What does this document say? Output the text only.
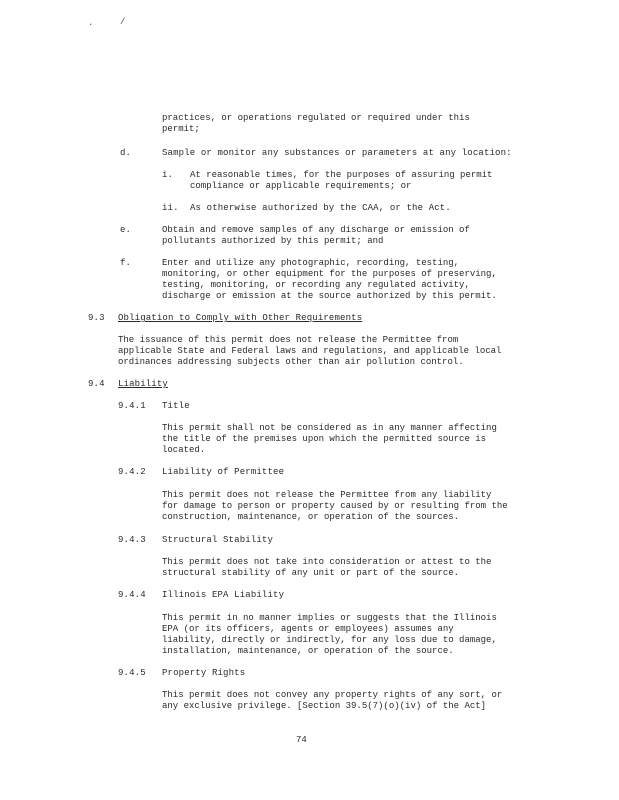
.	/
practices, or operations regulated or required under this
permit;
d.	Sample or monitor any substances or parameters at any location:
i. At reasonable times, for the purposes of assuring permit
compliance or applicable requirements; or
ii. As otherwise authorized by the CAA, or the Act.
e.	Obtain and remove samples of any discharge or emission of
pollutants authorized by this permit; and
f.	Enter and utilize any photographic, recording, testing,
monitoring, or other equipment for the purposes of preserving,
testing, monitoring, or recording any regulated activity,
discharge or emission at the source authorized by this permit.
9.3 Obligation to Comply with Other Requirements
The issuance of this permit does not release the Permittee from
applicable State and Federal laws and regulations, and applicable local
ordinances addressing subjects other than air pollution control.
9.4 Liability
9.4.1 Title
This permit shall not be considered as in any manner affecting
the title of the premises upon which the permitted source is
located.
9.4.2 Liability of Permittee
This permit does not release the Permittee from any liability
for damage to person or property caused by or resulting from the
construction, maintenance, or operation of the sources.
9.4.3 Structural Stability
This permit does not take into consideration or attest to the
structural stability of any unit or part of the source.
9.4.4 Illinois EPA Liability
This permit in no manner implies or suggests that the Illinois
EPA (or its officers, agents or employees) assumes any
liability, directly or indirectly, for any loss due to damage,
installation, maintenance, or operation of the source.
9.4.5 Property Rights
This permit does not convey any property rights of any sort, or
any exclusive privilege. [Section 39.5(7)(o)(iv) of the Act]
74
